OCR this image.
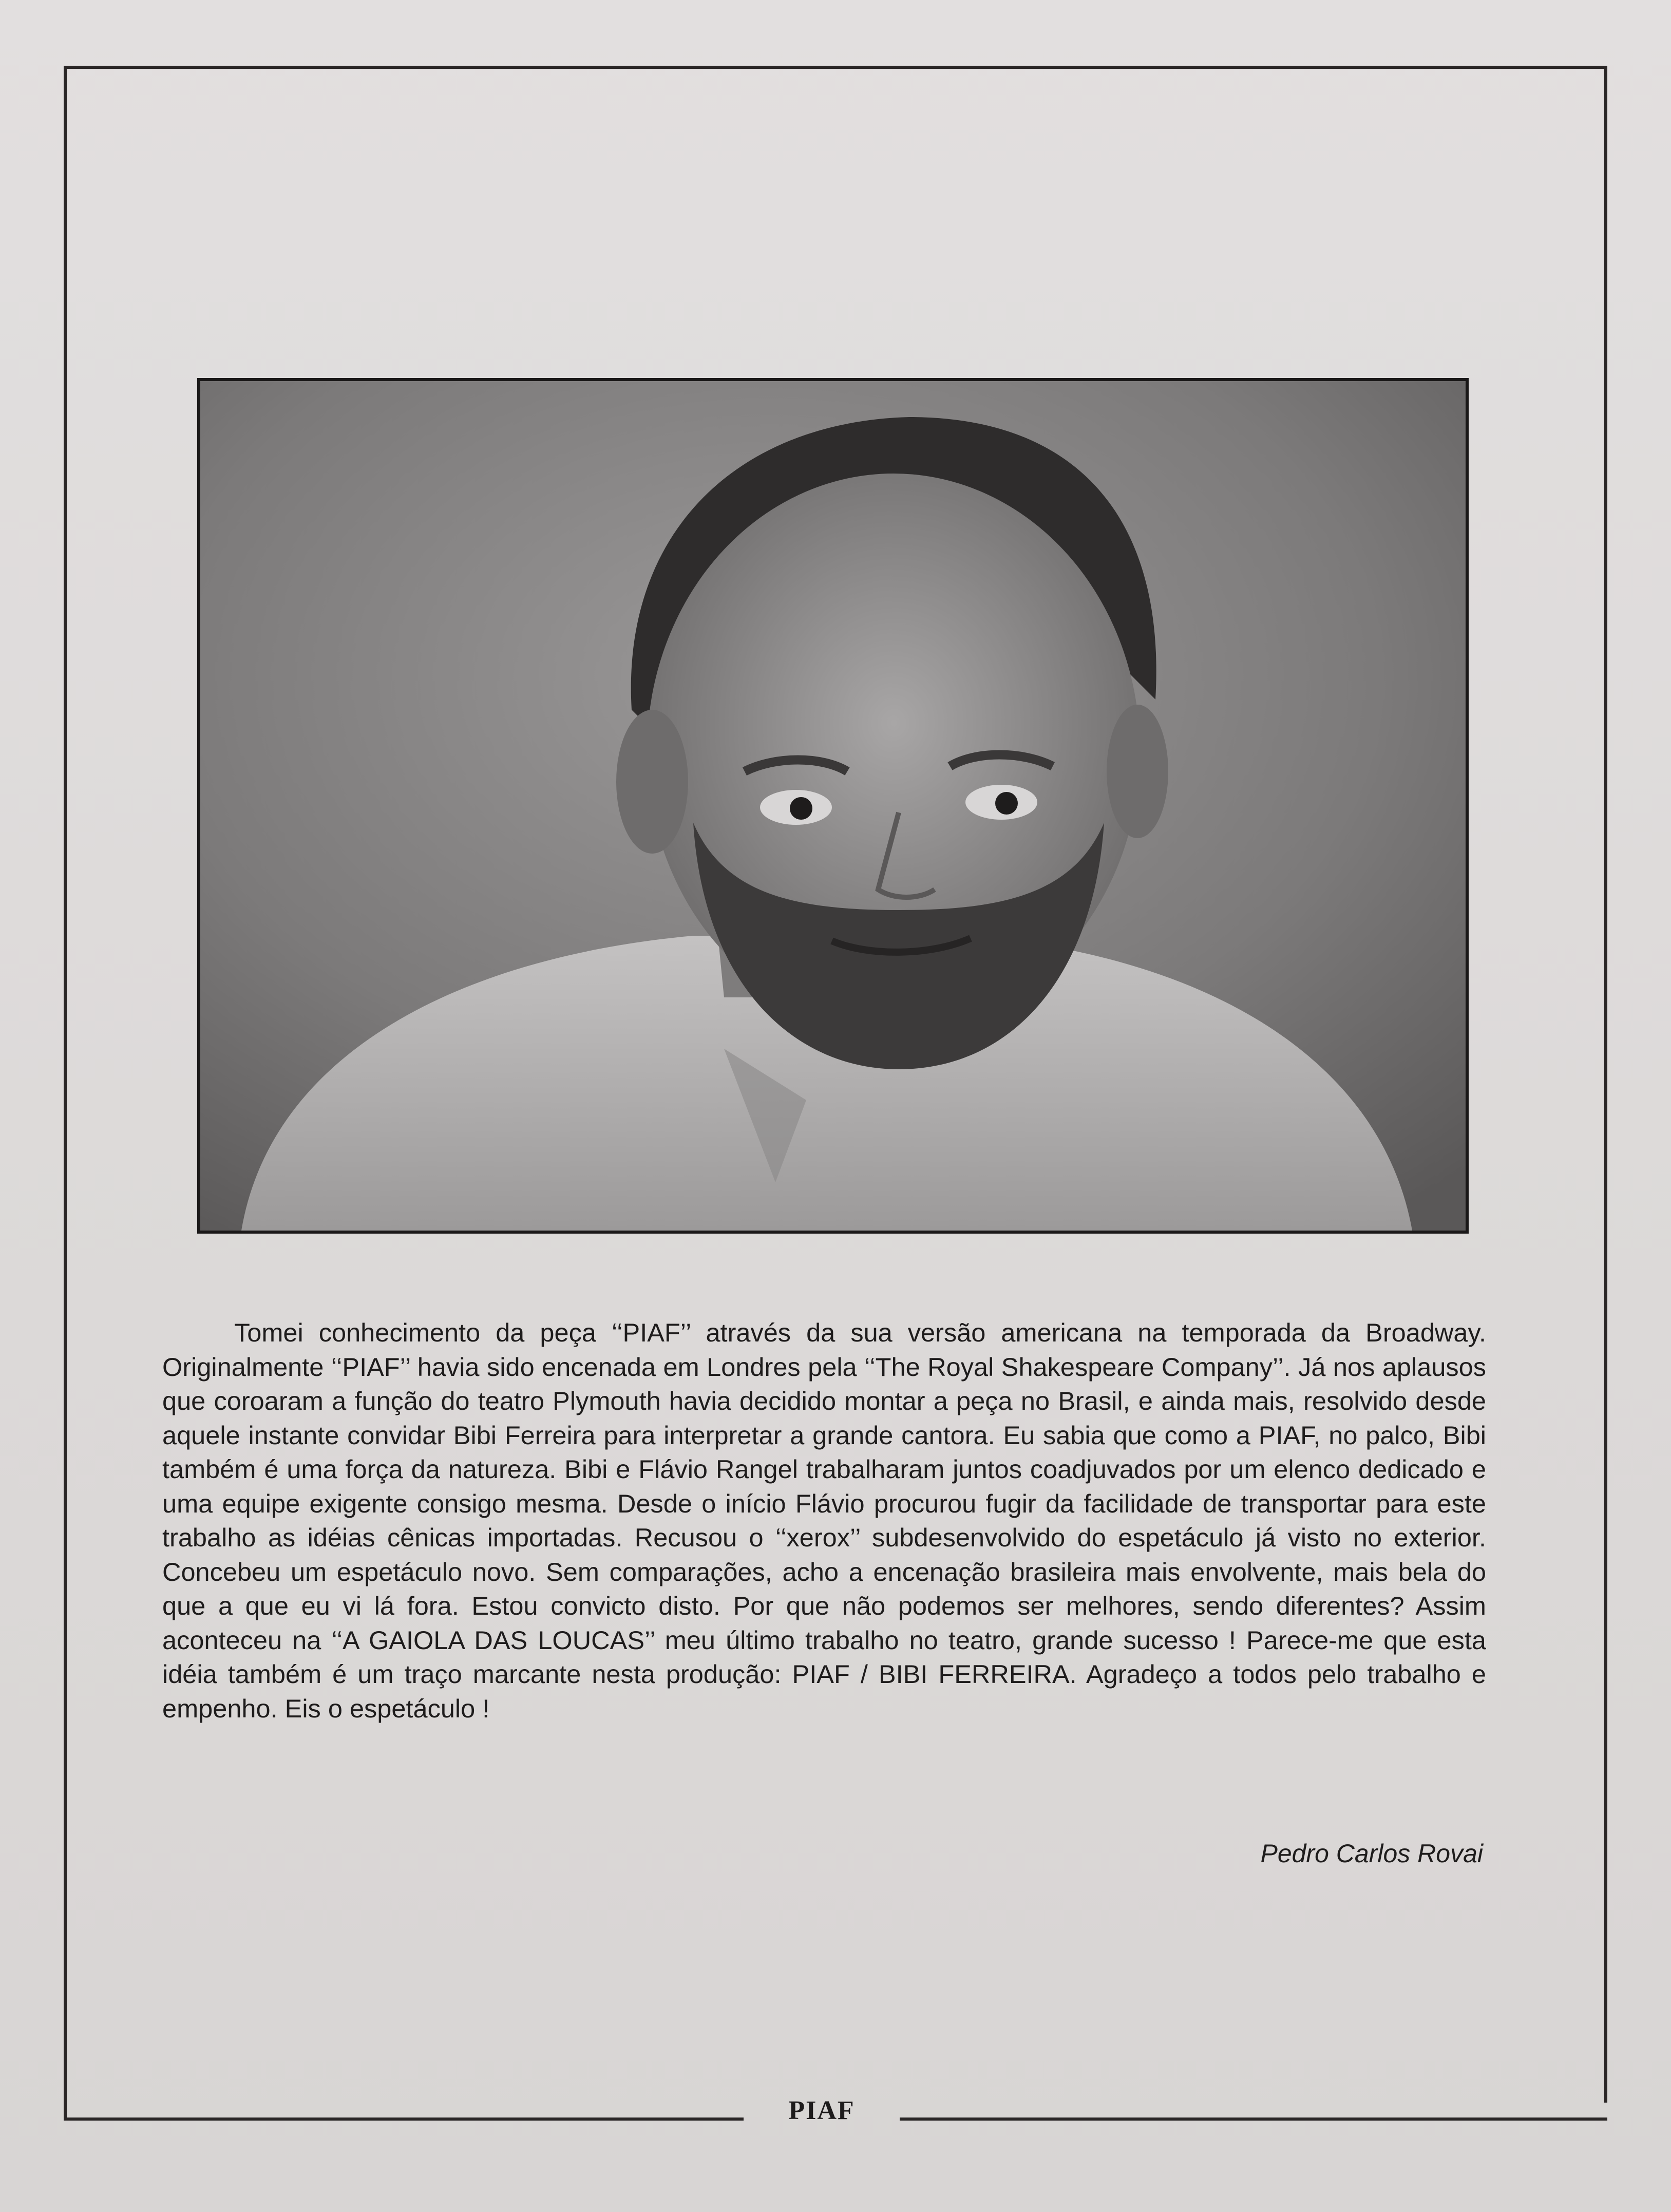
Tomei conhecimento da peça ‘‘PIAF’’ através da sua versão americana na temporada da Broadway. Originalmente ‘‘PIAF’’ havia sido encenada em Londres pela ‘‘The Royal Shakespeare Company’’. Já nos aplausos que coroaram a função do teatro Plymouth havia decidido montar a peça no Brasil, e ainda mais, resolvido desde aquele instante convidar Bibi Ferreira para interpretar a grande cantora. Eu sabia que como a PIAF, no palco, Bibi também é uma força da natureza. Bibi e Flávio Rangel trabalharam juntos coadjuvados por um elenco dedicado e uma equipe exigente consigo mesma. Desde o início Flávio procurou fugir da facilidade de transportar para este trabalho as idéias cênicas importadas. Recusou o ‘‘xerox’’ subdesenvolvido do espetáculo já visto no exterior. Concebeu um espetáculo novo. Sem comparações, acho a encenação brasileira mais envolvente, mais bela do que a que eu vi lá fora. Estou convicto disto. Por que não podemos ser melhores, sendo diferentes? Assim aconteceu na ‘‘A GAIOLA DAS LOUCAS’’ meu último trabalho no teatro, grande sucesso ! Parece-me que esta idéia também é um traço marcante nesta produção: PIAF / BIBI FERREIRA. Agradeço a todos pelo trabalho e empenho. Eis o espetáculo !

Pedro Carlos Rovai
PIAF
